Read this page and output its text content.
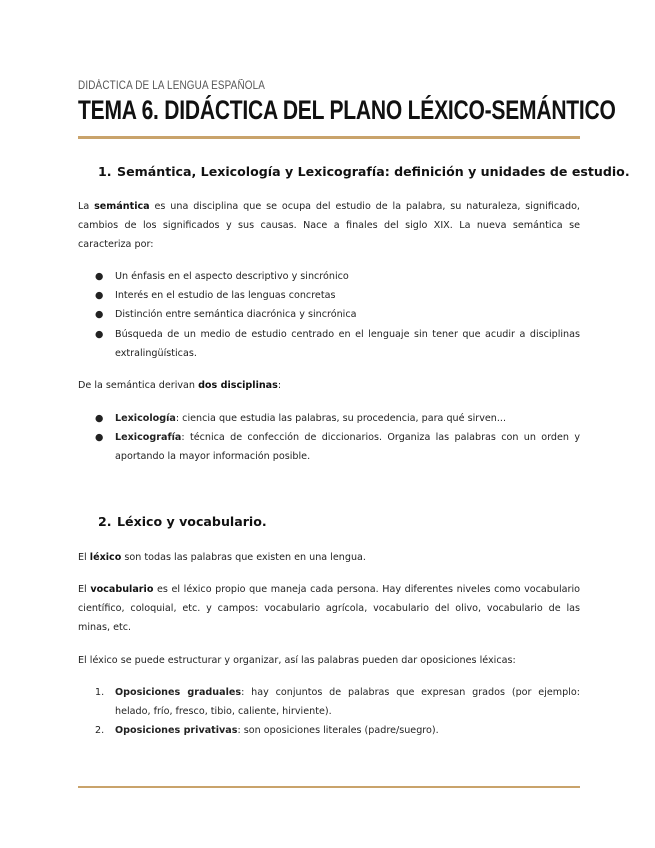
DIDÁCTICA DE LA LENGUA ESPAÑOLA
TEMA 6. DIDÁCTICA DEL PLANO LÉXICO-SEMÁNTICO
1. Semántica, Lexicología y Lexicografía: definición y unidades de estudio.
La semántica es una disciplina que se ocupa del estudio de la palabra, su naturaleza, significado, cambios de los significados y sus causas. Nace a finales del siglo XIX. La nueva semántica se caracteriza por:
● Un énfasis en el aspecto descriptivo y sincrónico
● Interés en el estudio de las lenguas concretas
● Distinción entre semántica diacrónica y sincrónica
● Búsqueda de un medio de estudio centrado en el lenguaje sin tener que acudir a disciplinas extralingüísticas.
De la semántica derivan dos disciplinas:
● Lexicología: ciencia que estudia las palabras, su procedencia, para qué sirven...
● Lexicografía: técnica de confección de diccionarios. Organiza las palabras con un orden y aportando la mayor información posible.
2. Léxico y vocabulario.
El léxico son todas las palabras que existen en una lengua.
El vocabulario es el léxico propio que maneja cada persona. Hay diferentes niveles como vocabulario científico, coloquial, etc. y campos: vocabulario agrícola, vocabulario del olivo, vocabulario de las minas, etc.
El léxico se puede estructurar y organizar, así las palabras pueden dar oposiciones léxicas:
1. Oposiciones graduales: hay conjuntos de palabras que expresan grados (por ejemplo: helado, frío, fresco, tibio, caliente, hirviente).
2. Oposiciones privativas: son oposiciones literales (padre/suegro).
